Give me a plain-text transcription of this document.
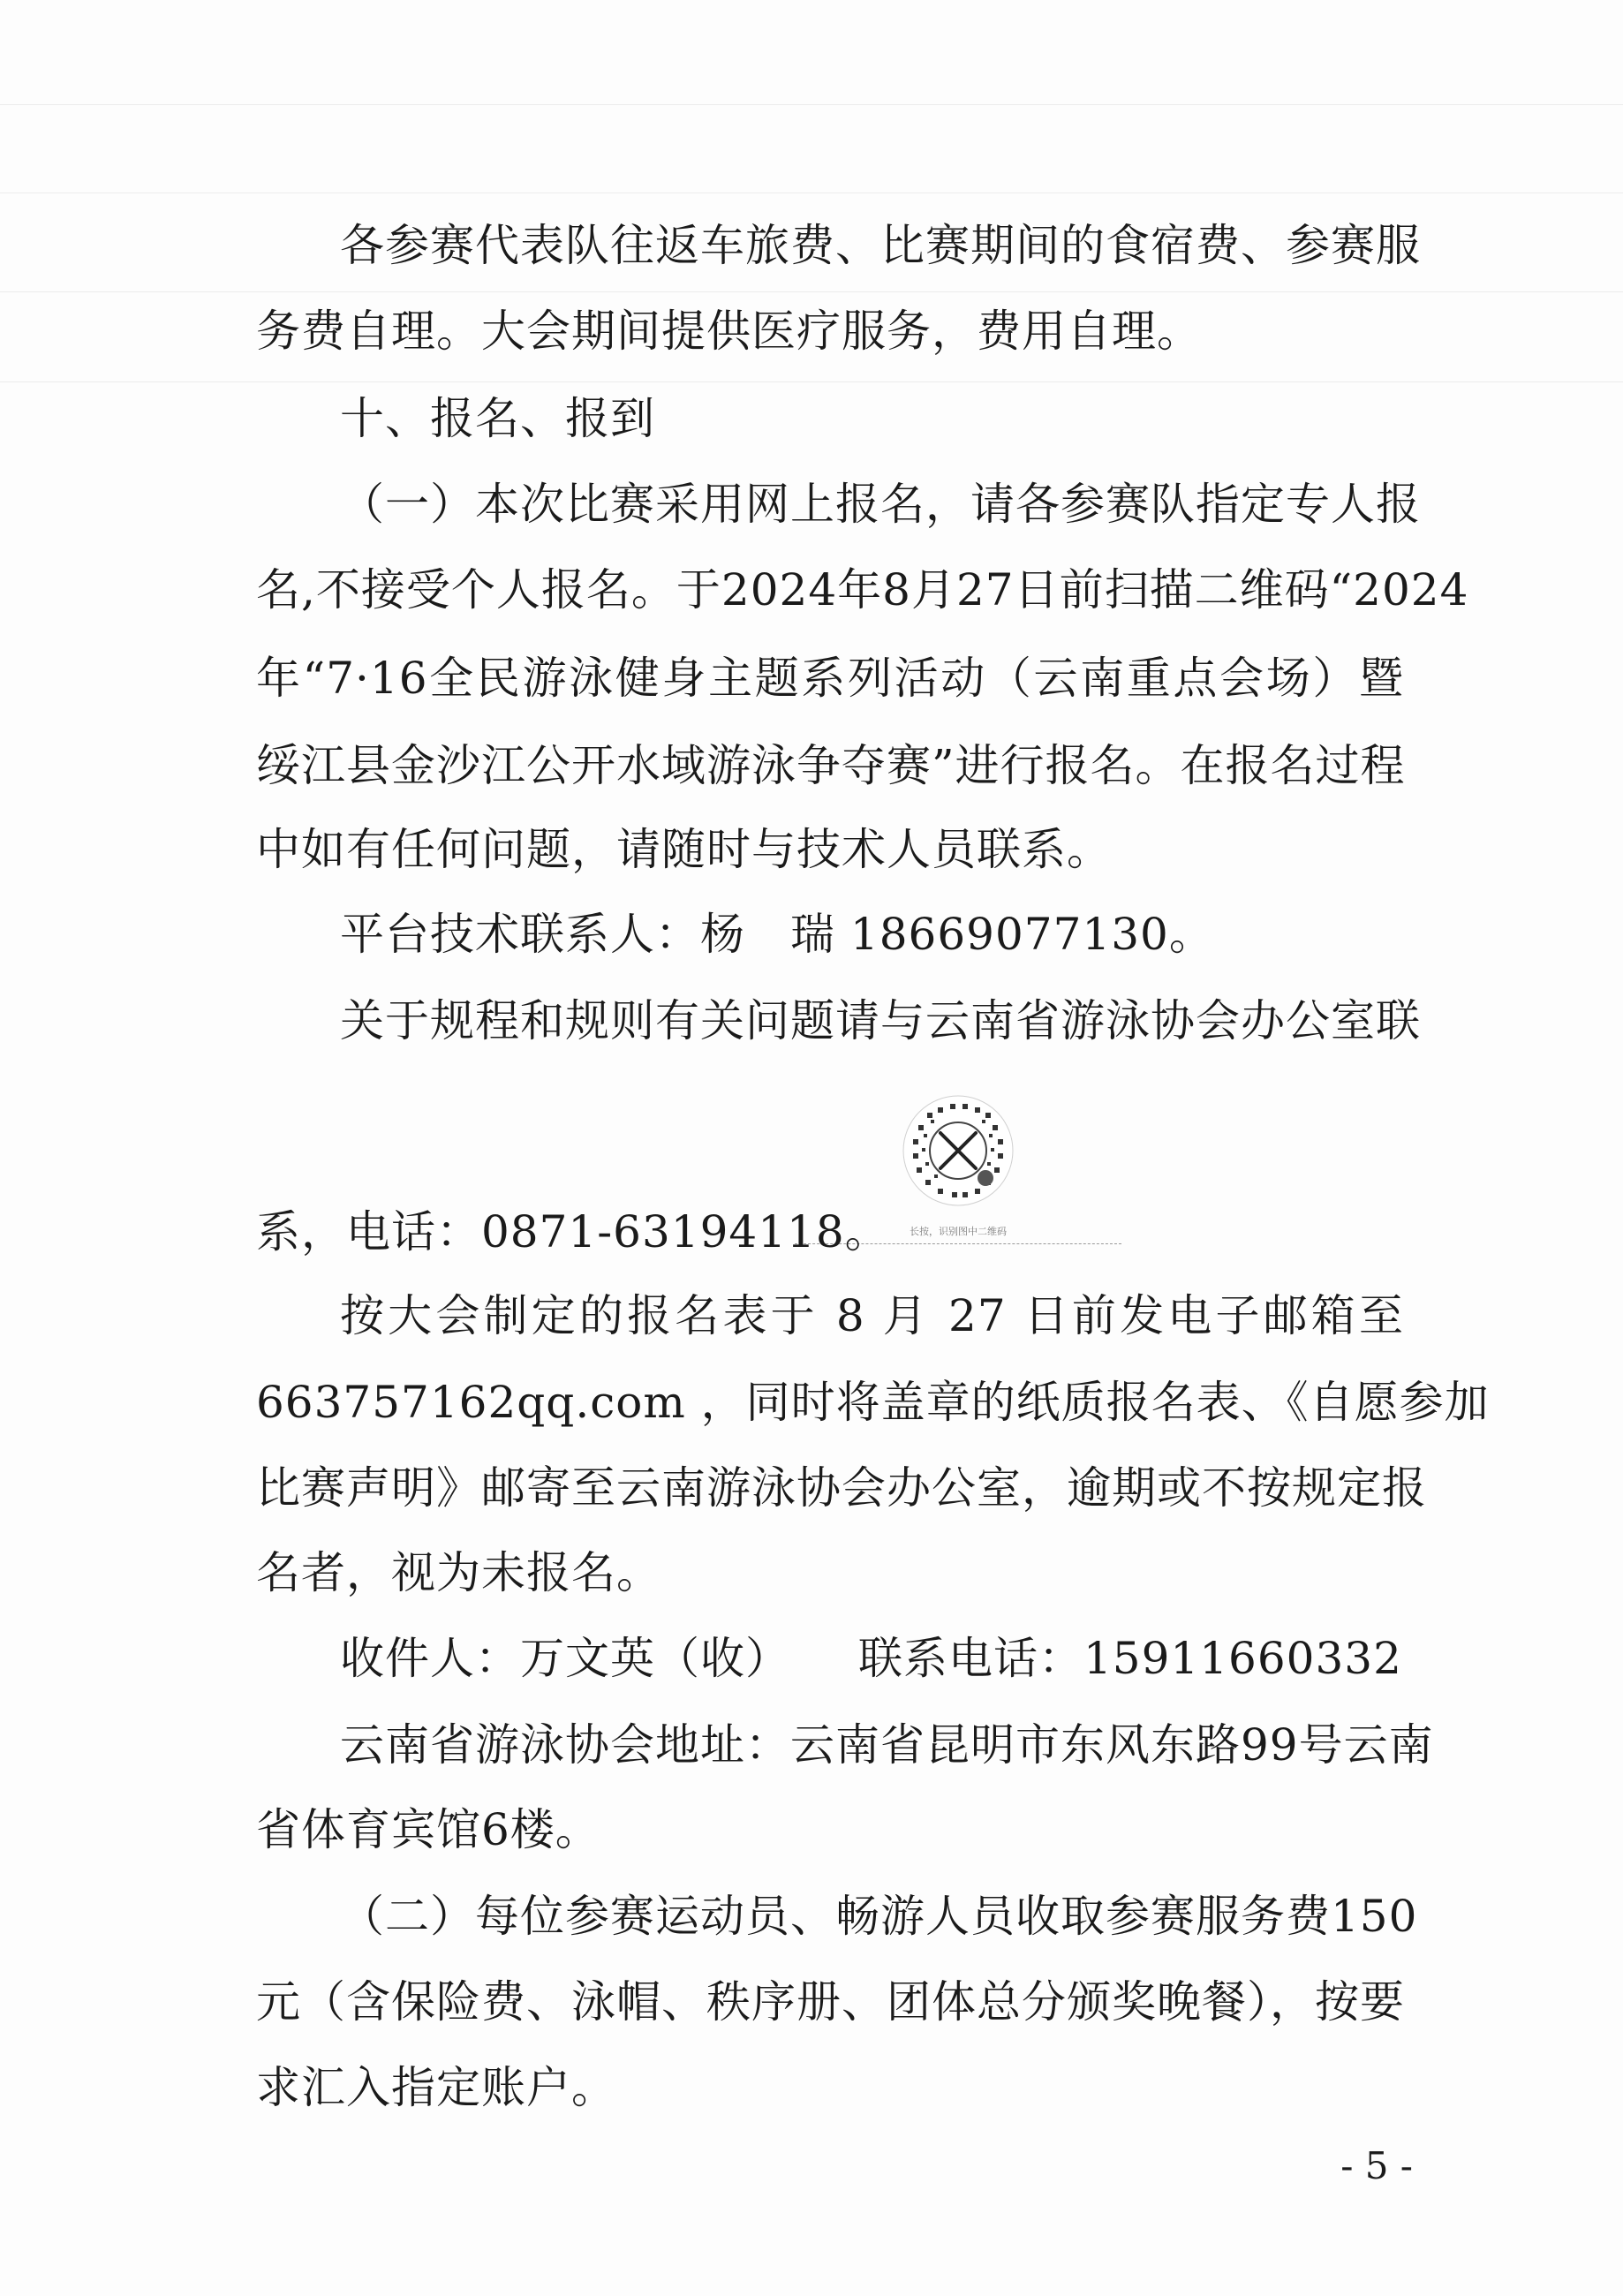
各参赛代表队往返车旅费、比赛期间的食宿费、参赛服
务费自理。大会期间提供医疗服务，费用自理。
十、报名、报到
（一）本次比赛采用网上报名，请各参赛队指定专人报
名,不接受个人报名。于2024年8月27日前扫描二维码“2024
年“7·16全民游泳健身主题系列活动（云南重点会场）暨
绥江县金沙江公开水域游泳争夺赛”进行报名。在报名过程
中如有任何问题，请随时与技术人员联系。
平台技术联系人：杨　瑞 18669077130。
关于规程和规则有关问题请与云南省游泳协会办公室联
长按，识别图中二维码
系，电话：0871-63194118。
按大会制定的报名表于 8 月 27 日前发电子邮箱至
663757162qq.com ，同时将盖章的纸质报名表、《自愿参加
比赛声明》邮寄至云南游泳协会办公室，逾期或不按规定报
名者，视为未报名。
收件人：万文英（收）　　联系电话：15911660332
云南省游泳协会地址：云南省昆明市东风东路99号云南
省体育宾馆6楼。
（二）每位参赛运动员、畅游人员收取参赛服务费150
元（含保险费、泳帽、秩序册、团体总分颁奖晚餐），按要
求汇入指定账户。
- 5 -
